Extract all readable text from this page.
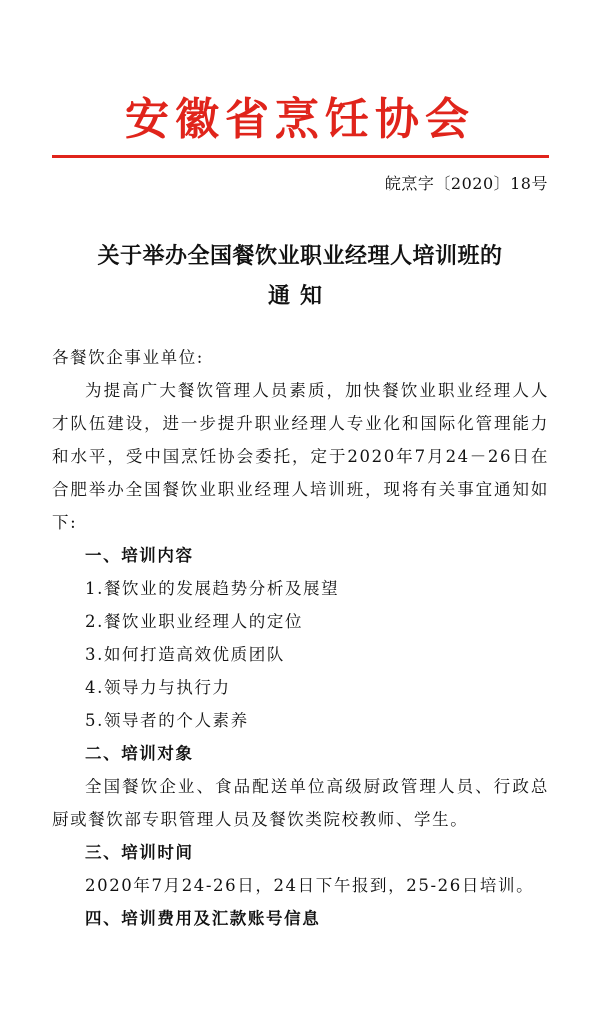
安徽省烹饪协会
皖烹字〔2020〕18号
关于举办全国餐饮业职业经理人培训班的
通知
各餐饮企事业单位:
为提高广大餐饮管理人员素质，加快餐饮业职业经理人人才队伍建设，进一步提升职业经理人专业化和国际化管理能力和水平，受中国烹饪协会委托，定于2020年7月24－26日在合肥举办全国餐饮业职业经理人培训班，现将有关事宜通知如下:
一、培训内容
1.餐饮业的发展趋势分析及展望
2.餐饮业职业经理人的定位
3.如何打造高效优质团队
4.领导力与执行力
5.领导者的个人素养
二、培训对象
全国餐饮企业、食品配送单位高级厨政管理人员、行政总厨或餐饮部专职管理人员及餐饮类院校教师、学生。
三、培训时间
2020年7月24-26日，24日下午报到，25-26日培训。
四、培训费用及汇款账号信息
